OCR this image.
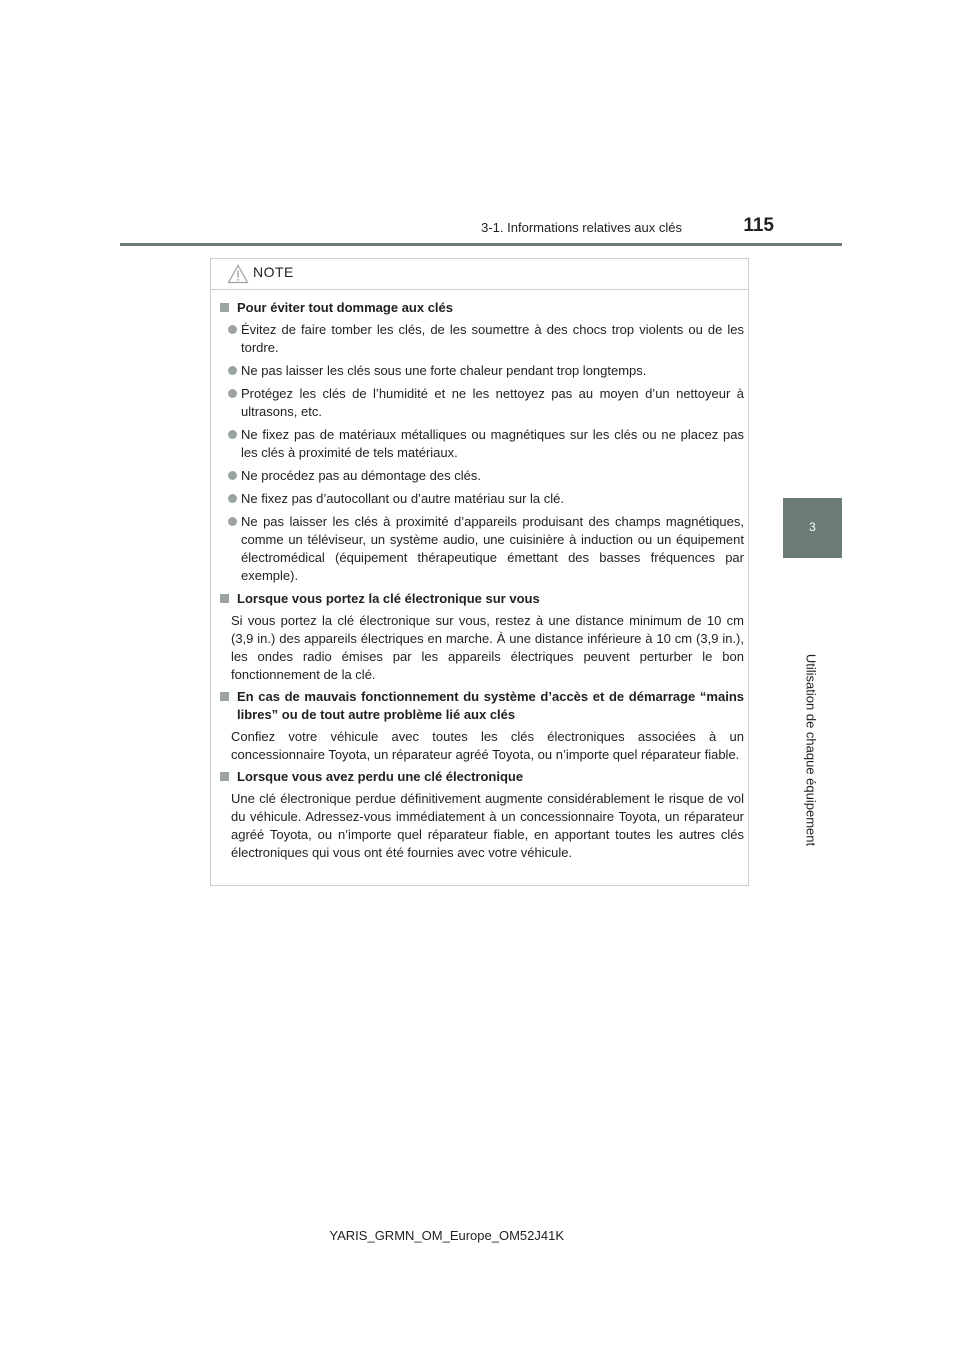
3-1. Informations relatives aux clés	115
3
Utilisation de chaque équipement
NOTE
Pour éviter tout dommage aux clés
Évitez de faire tomber les clés, de les soumettre à des chocs trop violents ou de les tordre.
Ne pas laisser les clés sous une forte chaleur pendant trop longtemps.
Protégez les clés de l’humidité et ne les nettoyez pas au moyen d’un nettoyeur à ultrasons, etc.
Ne fixez pas de matériaux métalliques ou magnétiques sur les clés ou ne placez pas les clés à proximité de tels matériaux.
Ne procédez pas au démontage des clés.
Ne fixez pas d’autocollant ou d’autre matériau sur la clé.
Ne pas laisser les clés à proximité d’appareils produisant des champs magnétiques, comme un téléviseur, un système audio, une cuisinière à induction ou un équipement électromédical (équipement thérapeutique émettant des basses fréquences par exemple).
Lorsque vous portez la clé électronique sur vous
Si vous portez la clé électronique sur vous, restez à une distance minimum de 10 cm (3,9 in.) des appareils électriques en marche. À une distance inférieure à 10 cm (3,9 in.), les ondes radio émises par les appareils électriques peuvent perturber le bon fonctionnement de la clé.
En cas de mauvais fonctionnement du système d’accès et de démarrage “mains libres” ou de tout autre problème lié aux clés
Confiez votre véhicule avec toutes les clés électroniques associées à un concessionnaire Toyota, un réparateur agréé Toyota, ou n’importe quel réparateur fiable.
Lorsque vous avez perdu une clé électronique
Une clé électronique perdue définitivement augmente considérablement le risque de vol du véhicule. Adressez-vous immédiatement à un concessionnaire Toyota, un réparateur agréé Toyota, ou n’importe quel réparateur fiable, en apportant toutes les autres clés électroniques qui vous ont été fournies avec votre véhicule.
YARIS_GRMN_OM_Europe_OM52J41K
